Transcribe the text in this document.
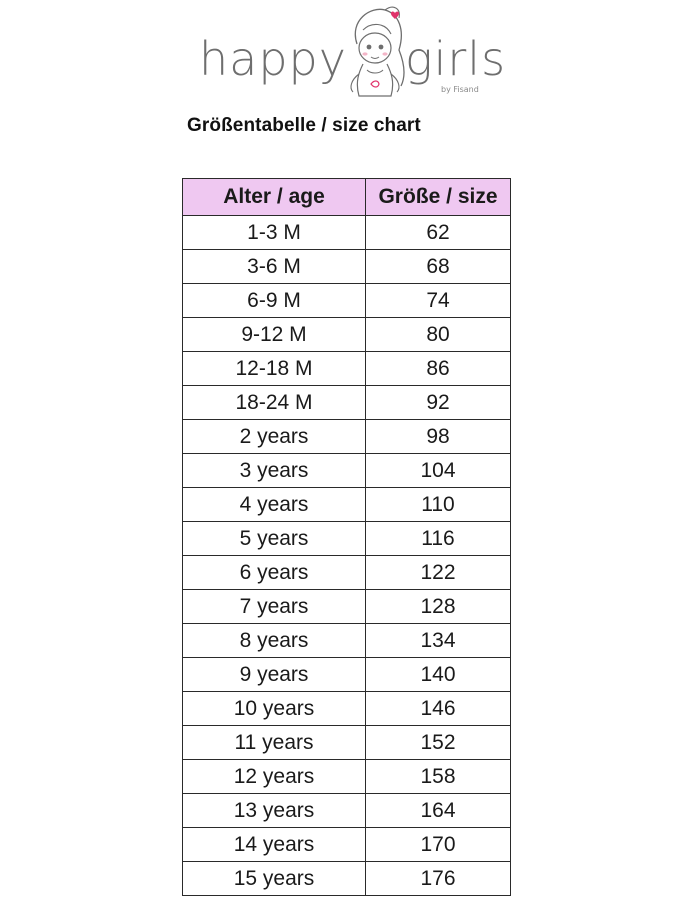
happy girls
by Fisand
Größentabelle / size chart
Alter / age	Größe / size
1-3 M	62
3-6 M	68
6-9 M	74
9-12 M	80
12-18 M	86
18-24 M	92
2 years	98
3 years	104
4 years	110
5 years	116
6 years	122
7 years	128
8 years	134
9 years	140
10 years	146
11 years	152
12 years	158
13 years	164
14 years	170
15 years	176
